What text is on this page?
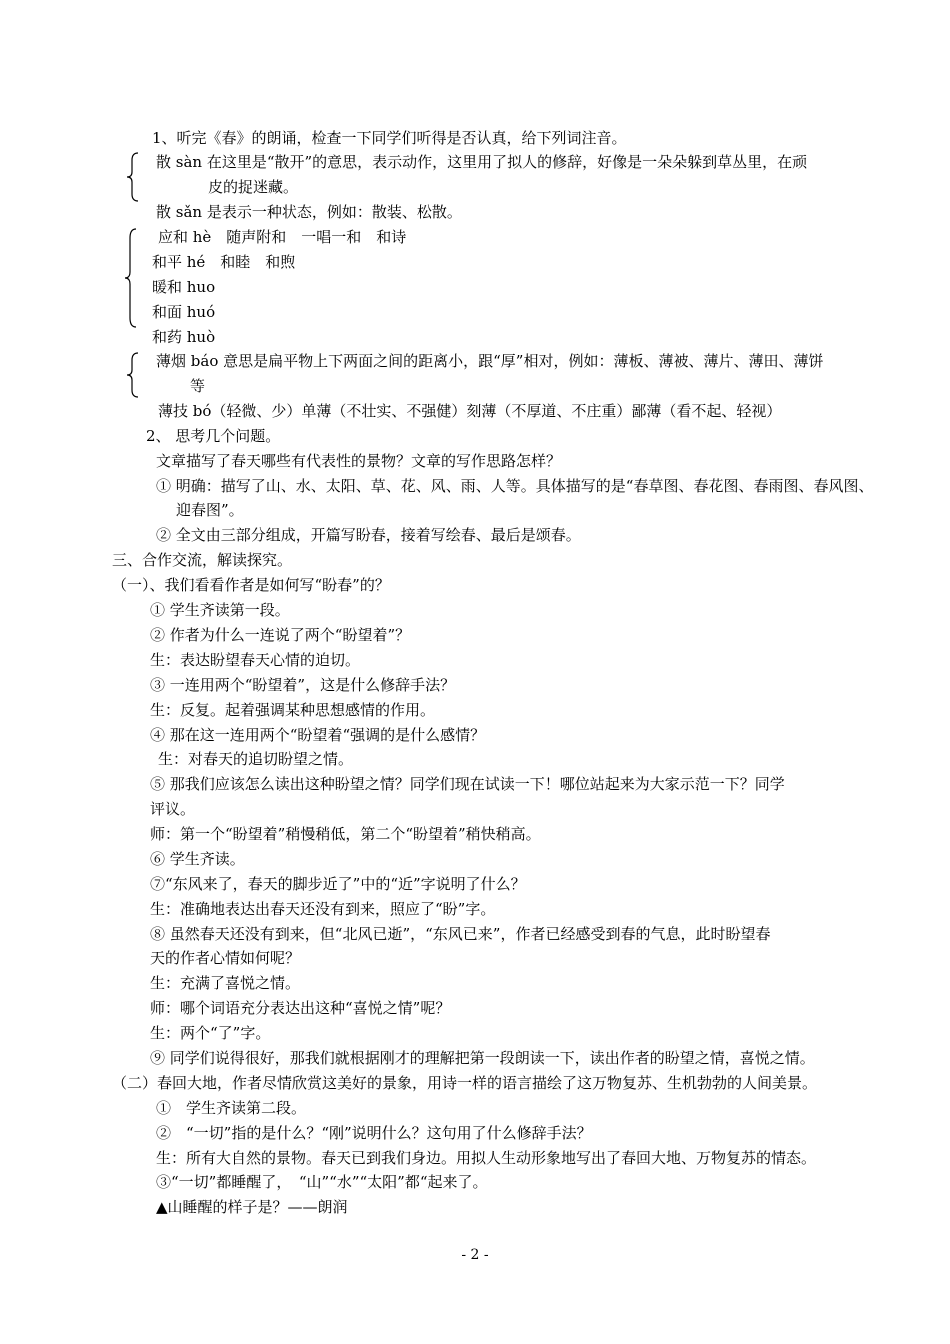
1、听完《春》的朗诵，检查一下同学们听得是否认真，给下列词注音。
散 sàn 在这里是“散开”的意思，表示动作，这里用了拟人的修辞，好像是一朵朵躲到草丛里，在顽
皮的捉迷藏。
散 sǎn 是表示一种状态，例如：散装、松散。
应和 hè　随声附和　一唱一和　和诗
和平 hé　和睦　和煦
暖和 huo
和面 huó
和药 huò
薄烟 báo 意思是扁平物上下两面之间的距离小，跟“厚”相对，例如：薄板、薄被、薄片、薄田、薄饼
等
薄技 bó（轻微、少）单薄（不壮实、不强健）刻薄（不厚道、不庄重）鄙薄（看不起、轻视）
2、 思考几个问题。
文章描写了春天哪些有代表性的景物？文章的写作思路怎样？
① 明确：描写了山、水、太阳、草、花、风、雨、人等。具体描写的是“春草图、春花图、春雨图、春风图、
迎春图”。
② 全文由三部分组成，开篇写盼春，接着写绘春、最后是颂春。
三、合作交流，解读探究。
（一）、我们看看作者是如何写“盼春”的？
① 学生齐读第一段。
② 作者为什么一连说了两个“盼望着”？
生：表达盼望春天心情的迫切。
③ 一连用两个“盼望着”，这是什么修辞手法？
生：反复。起着强调某种思想感情的作用。
④ 那在这一连用两个“盼望着“强调的是什么感情？
生：对春天的追切盼望之情。
⑤ 那我们应该怎么读出这种盼望之情？同学们现在试读一下！哪位站起来为大家示范一下？同学
评议。
师：第一个“盼望着”稍慢稍低，第二个“盼望着”稍快稍高。
⑥ 学生齐读。
⑦“东风来了，春天的脚步近了”中的“近”字说明了什么？
生：准确地表达出春天还没有到来，照应了“盼”字。
⑧ 虽然春天还没有到来，但“北风已逝”，“东风已来”，作者已经感受到春的气息，此时盼望春
天的作者心情如何呢？
生：充满了喜悦之情。
师：哪个词语充分表达出这种“喜悦之情”呢？
生：两个“了”字。
⑨ 同学们说得很好，那我们就根据刚才的理解把第一段朗读一下，读出作者的盼望之情，喜悦之情。
（二）春回大地，作者尽情欣赏这美好的景象，用诗一样的语言描绘了这万物复苏、生机勃勃的人间美景。
①　学生齐读第二段。
②　“一切”指的是什么？“刚”说明什么？这句用了什么修辞手法？
生：所有大自然的景物。春天已到我们身边。用拟人生动形象地写出了春回大地、万物复苏的情态。
③“一切”都睡醒了，　“山”“水”“太阳”都“起来了。
▲山睡醒的样子是？——朗润
- 2 -
